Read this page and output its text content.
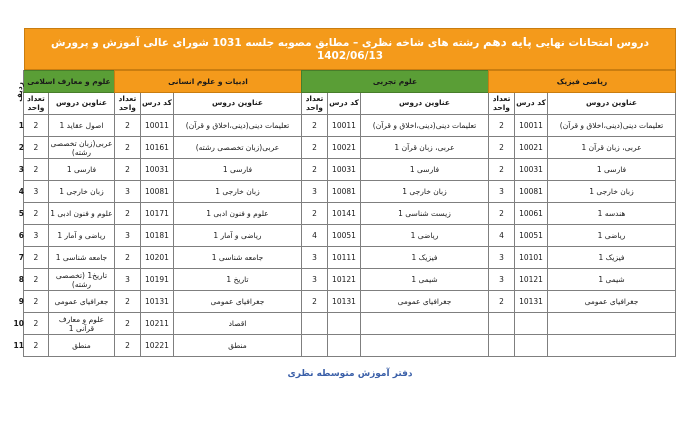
دروس امتحانات نهایی پایه دهم رشته های شاخه نظری – مطابق مصوبه جلسه 1031 شورای عالی آموزش و پرورش 1402/06/13
ریاضی فیزیک			علوم تجربی			ادبیات و علوم انسانی			علوم و معارف اسلامی		ردیف
عناوین دروس	کد درس	تعداد واحد	عناوین دروس	کد درس	تعداد واحد	عناوین دروس	کد درس	تعداد واحد	عناوین دروس	تعداد واحد	
تعلیمات دینی(دینی،اخلاق و قرآن)	10011	2	تعلیمات دینی(دینی،اخلاق و قرآن)	10011	2	تعلیمات دینی(دینی،اخلاق و قرآن)	10011	2	اصول عقاید 1	2	1
عربی، زبان قرآن 1	10021	2	عربی، زبان قرآن 1	10021	2	عربی(زبان تخصصی رشته)	10161	2	عربی(زبان تخصصی رشته)	2	2
فارسی 1	10031	2	فارسی 1	10031	2	فارسی 1	10031	2	فارسی 1	2	3
زبان خارجی 1	10081	3	زبان خارجی 1	10081	3	زبان خارجی 1	10081	3	زبان خارجی 1	3	4
هندسه 1	10061	2	زیست شناسی 1	10141	2	علوم و فنون ادبی 1	10171	2	علوم و فنون ادبی 1	2	5
ریاضی 1	10051	4	ریاضی 1	10051	4	ریاضی و آمار 1	10181	3	ریاضی و آمار 1	3	6
فیزیک 1	10101	3	فیزیک 1	10111	3	جامعه شناسی 1	10201	2	جامعه شناسی 1	2	7
شیمی 1	10121	3	شیمی 1	10121	3	تاریخ 1	10191	3	تاریخ1 (تخصصی رشته)	2	8
جغرافیای عمومی	10131	2	جغرافیای عمومی	10131	2	جغرافیای عمومی	10131	2	جغرافیای عمومی	2	9
						اقصاد	10211	2	علوم و معارف قرآنی 1	2	10
						منطق	10221	2	منطق	2	11
دفتر آموزش متوسطه نظری
